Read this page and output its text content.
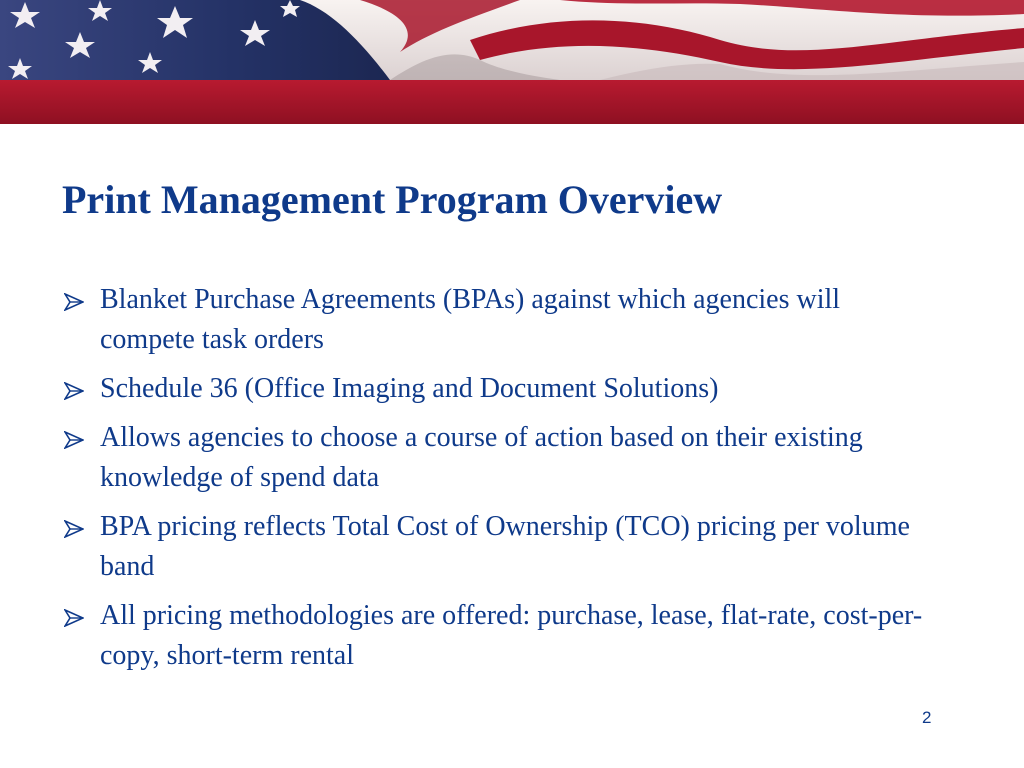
Print Management Program Overview
Blanket Purchase Agreements (BPAs) against which agencies will compete task orders
Schedule 36 (Office Imaging and Document Solutions)
Allows agencies to choose a course of action based on their existing knowledge of spend data
BPA pricing reflects Total Cost of Ownership (TCO) pricing per volume band
All pricing methodologies are offered: purchase, lease, flat-rate, cost-per-copy, short-term rental
2
